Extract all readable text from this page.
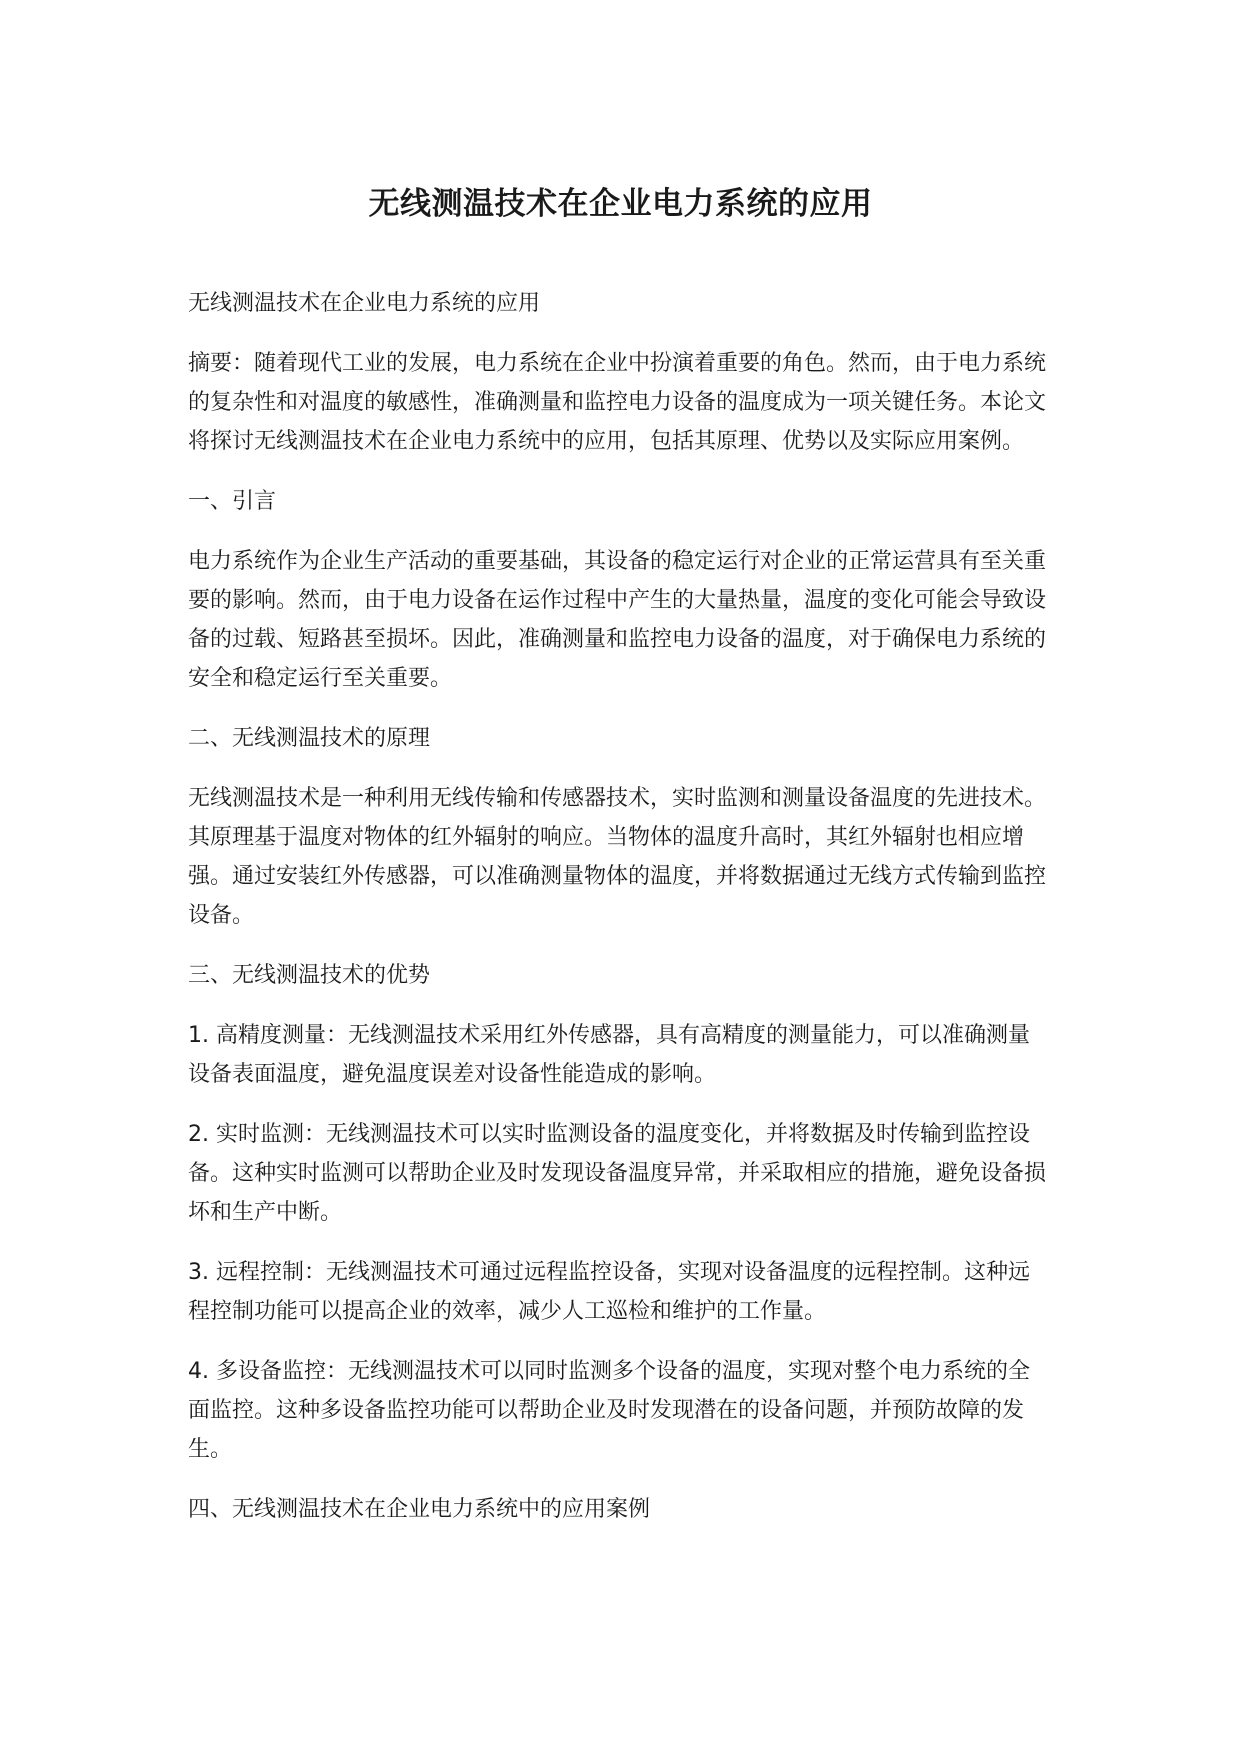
无线测温技术在企业电力系统的应用

无线测温技术在企业电力系统的应用

摘要：随着现代工业的发展，电力系统在企业中扮演着重要的角色。然而，由于电力系统的复杂性和对温度的敏感性，准确测量和监控电力设备的温度成为一项关键任务。本论文将探讨无线测温技术在企业电力系统中的应用，包括其原理、优势以及实际应用案例。

一、引言

电力系统作为企业生产活动的重要基础，其设备的稳定运行对企业的正常运营具有至关重要的影响。然而，由于电力设备在运作过程中产生的大量热量，温度的变化可能会导致设备的过载、短路甚至损坏。因此，准确测量和监控电力设备的温度，对于确保电力系统的安全和稳定运行至关重要。

二、无线测温技术的原理

无线测温技术是一种利用无线传输和传感器技术，实时监测和测量设备温度的先进技术。其原理基于温度对物体的红外辐射的响应。当物体的温度升高时，其红外辐射也相应增强。通过安装红外传感器，可以准确测量物体的温度，并将数据通过无线方式传输到监控设备。

三、无线测温技术的优势

1. 高精度测量：无线测温技术采用红外传感器，具有高精度的测量能力，可以准确测量设备表面温度，避免温度误差对设备性能造成的影响。

2. 实时监测：无线测温技术可以实时监测设备的温度变化，并将数据及时传输到监控设备。这种实时监测可以帮助企业及时发现设备温度异常，并采取相应的措施，避免设备损坏和生产中断。

3. 远程控制：无线测温技术可通过远程监控设备，实现对设备温度的远程控制。这种远程控制功能可以提高企业的效率，减少人工巡检和维护的工作量。

4. 多设备监控：无线测温技术可以同时监测多个设备的温度，实现对整个电力系统的全面监控。这种多设备监控功能可以帮助企业及时发现潜在的设备问题，并预防故障的发生。

四、无线测温技术在企业电力系统中的应用案例
